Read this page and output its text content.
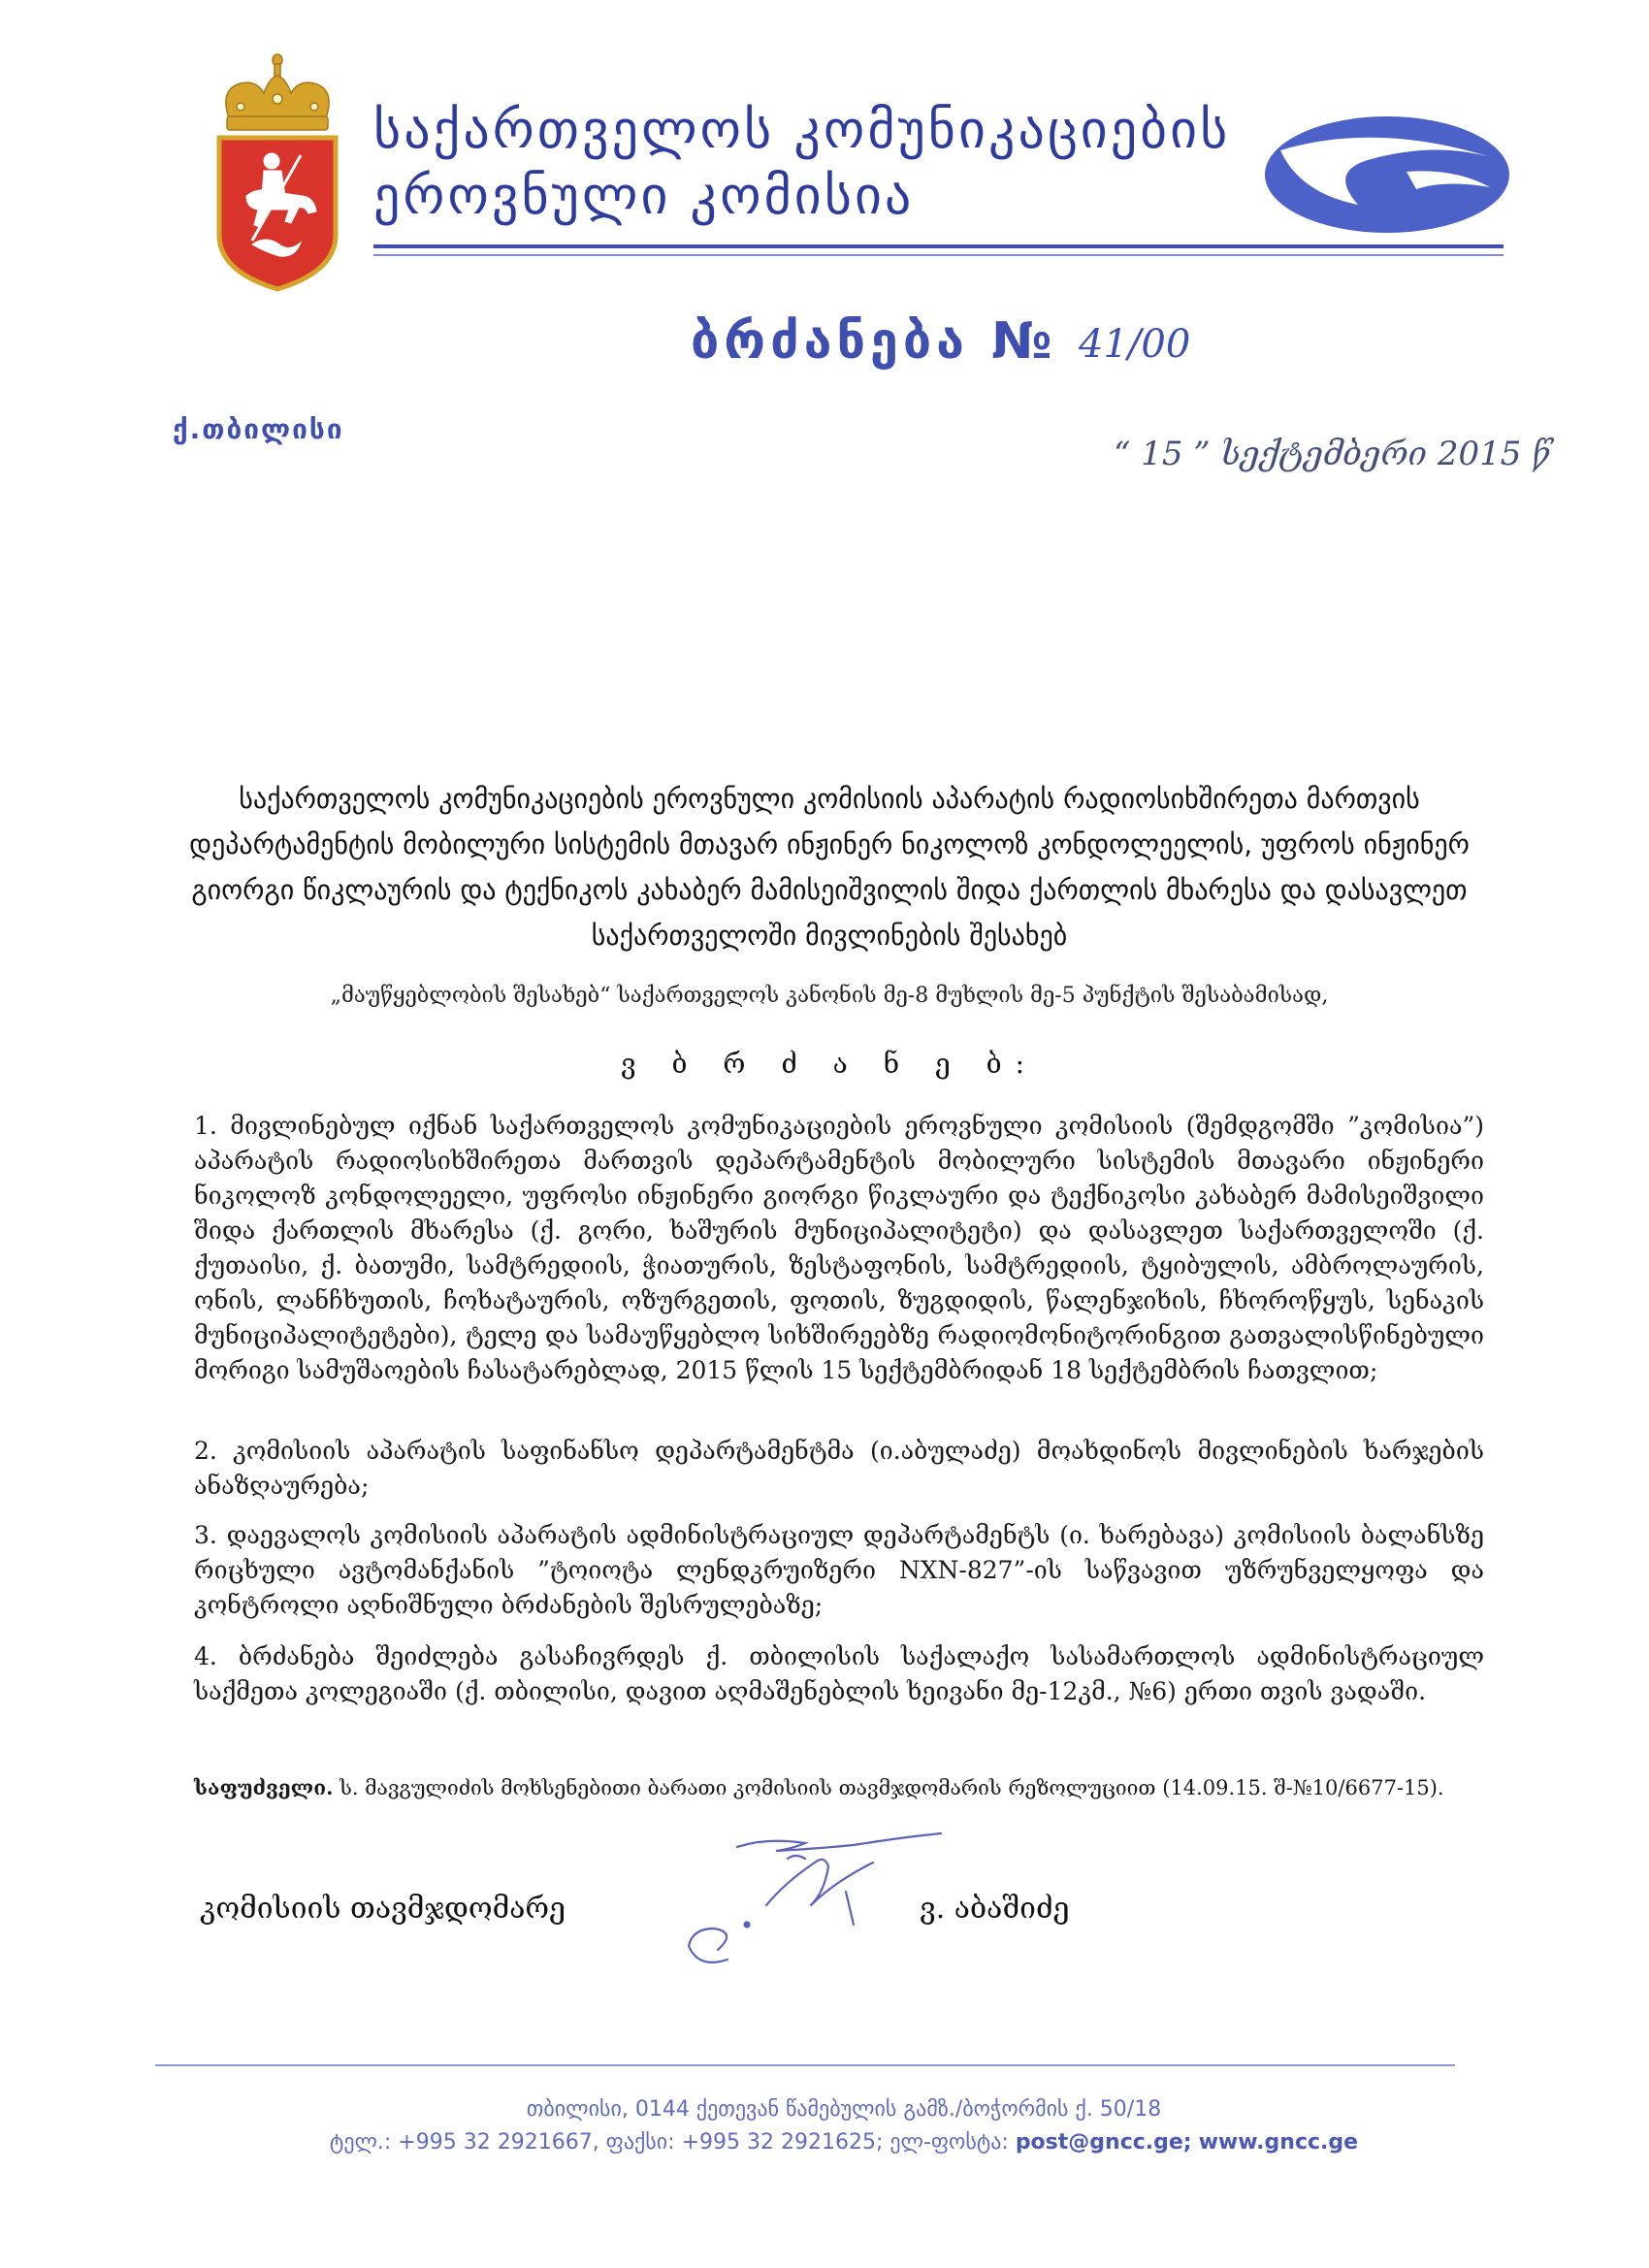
საქართველოს კომუნიკაციების
ეროვნული კომისია
ბრძანება № 41/00
ქ.თბილისი
“ 15 ” სექტემბერი 2015 წ
საქართველოს კომუნიკაციების ეროვნული კომისიის აპარატის რადიოსიხშირეთა მართვის დეპარტამენტის მობილური სისტემის მთავარ ინჟინერ ნიკოლოზ კონდოლეელის, უფროს ინჟინერ გიორგი წიკლაურის და ტექნიკოს კახაბერ მამისეიშვილის შიდა ქართლის მხარესა და დასავლეთ საქართველოში მივლინების შესახებ
„მაუწყებლობის შესახებ“ საქართველოს კანონის მე-8 მუხლის მე-5 პუნქტის შესაბამისად,
ვ ბ რ ძ ა ნ ე ბ:
1. მივლინებულ იქნან საქართველოს კომუნიკაციების ეროვნული კომისიის (შემდგომში ”კომისია”) აპარატის რადიოსიხშირეთა მართვის დეპარტამენტის მობილური სისტემის მთავარი ინჟინერი ნიკოლოზ კონდოლეელი, უფროსი ინჟინერი გიორგი წიკლაური და ტექნიკოსი კახაბერ მამისეიშვილი შიდა ქართლის მხარესა (ქ. გორი, ხაშურის მუნიციპალიტეტი) და დასავლეთ საქართველოში (ქ. ქუთაისი, ქ. ბათუმი, სამტრედიის, ჭიათურის, ზესტაფონის, სამტრედიის, ტყიბულის, ამბროლაურის, ონის, ლანჩხუთის, ჩოხატაურის, ოზურგეთის, ფოთის, ზუგდიდის, წალენჯიხის, ჩხოროწყუს, სენაკის მუნიციპალიტეტები), ტელე და სამაუწყებლო სიხშირეებზე რადიომონიტორინგით გათვალისწინებული მორიგი სამუშაოების ჩასატარებლად, 2015 წლის 15 სექტემბრიდან 18 სექტემბრის ჩათვლით;
2. კომისიის აპარატის საფინანსო დეპარტამენტმა (ი.აბულაძე) მოახდინოს მივლინების ხარჯების ანაზღაურება;
3. დაევალოს კომისიის აპარატის ადმინისტრაციულ დეპარტამენტს (ი. ხარებავა) კომისიის ბალანსზე რიცხული ავტომანქანის ”ტოიოტა ლენდკრუიზერი NXN-827”-ის საწვავით უზრუნველყოფა და კონტროლი აღნიშნული ბრძანების შესრულებაზე;
4. ბრძანება შეიძლება გასაჩივრდეს ქ. თბილისის საქალაქო სასამართლოს ადმინისტრაციულ საქმეთა კოლეგიაში (ქ. თბილისი, დავით აღმაშენებლის ხეივანი მე-12კმ., №6) ერთი თვის ვადაში.
საფუძველი. ს. მავგულიძის მოხსენებითი ბარათი კომისიის თავმჯდომარის რეზოლუციით (14.09.15. შ-№10/6677-15).
კომისიის თავმჯდომარე	ვ. აბაშიძე
თბილისი, 0144 ქეთევან წამებულის გამზ./ბოჭორმის ქ. 50/18
ტელ.: +995 32 2921667, ფაქსი: +995 32 2921625; ელ-ფოსტა: post@gncc.ge; www.gncc.ge
